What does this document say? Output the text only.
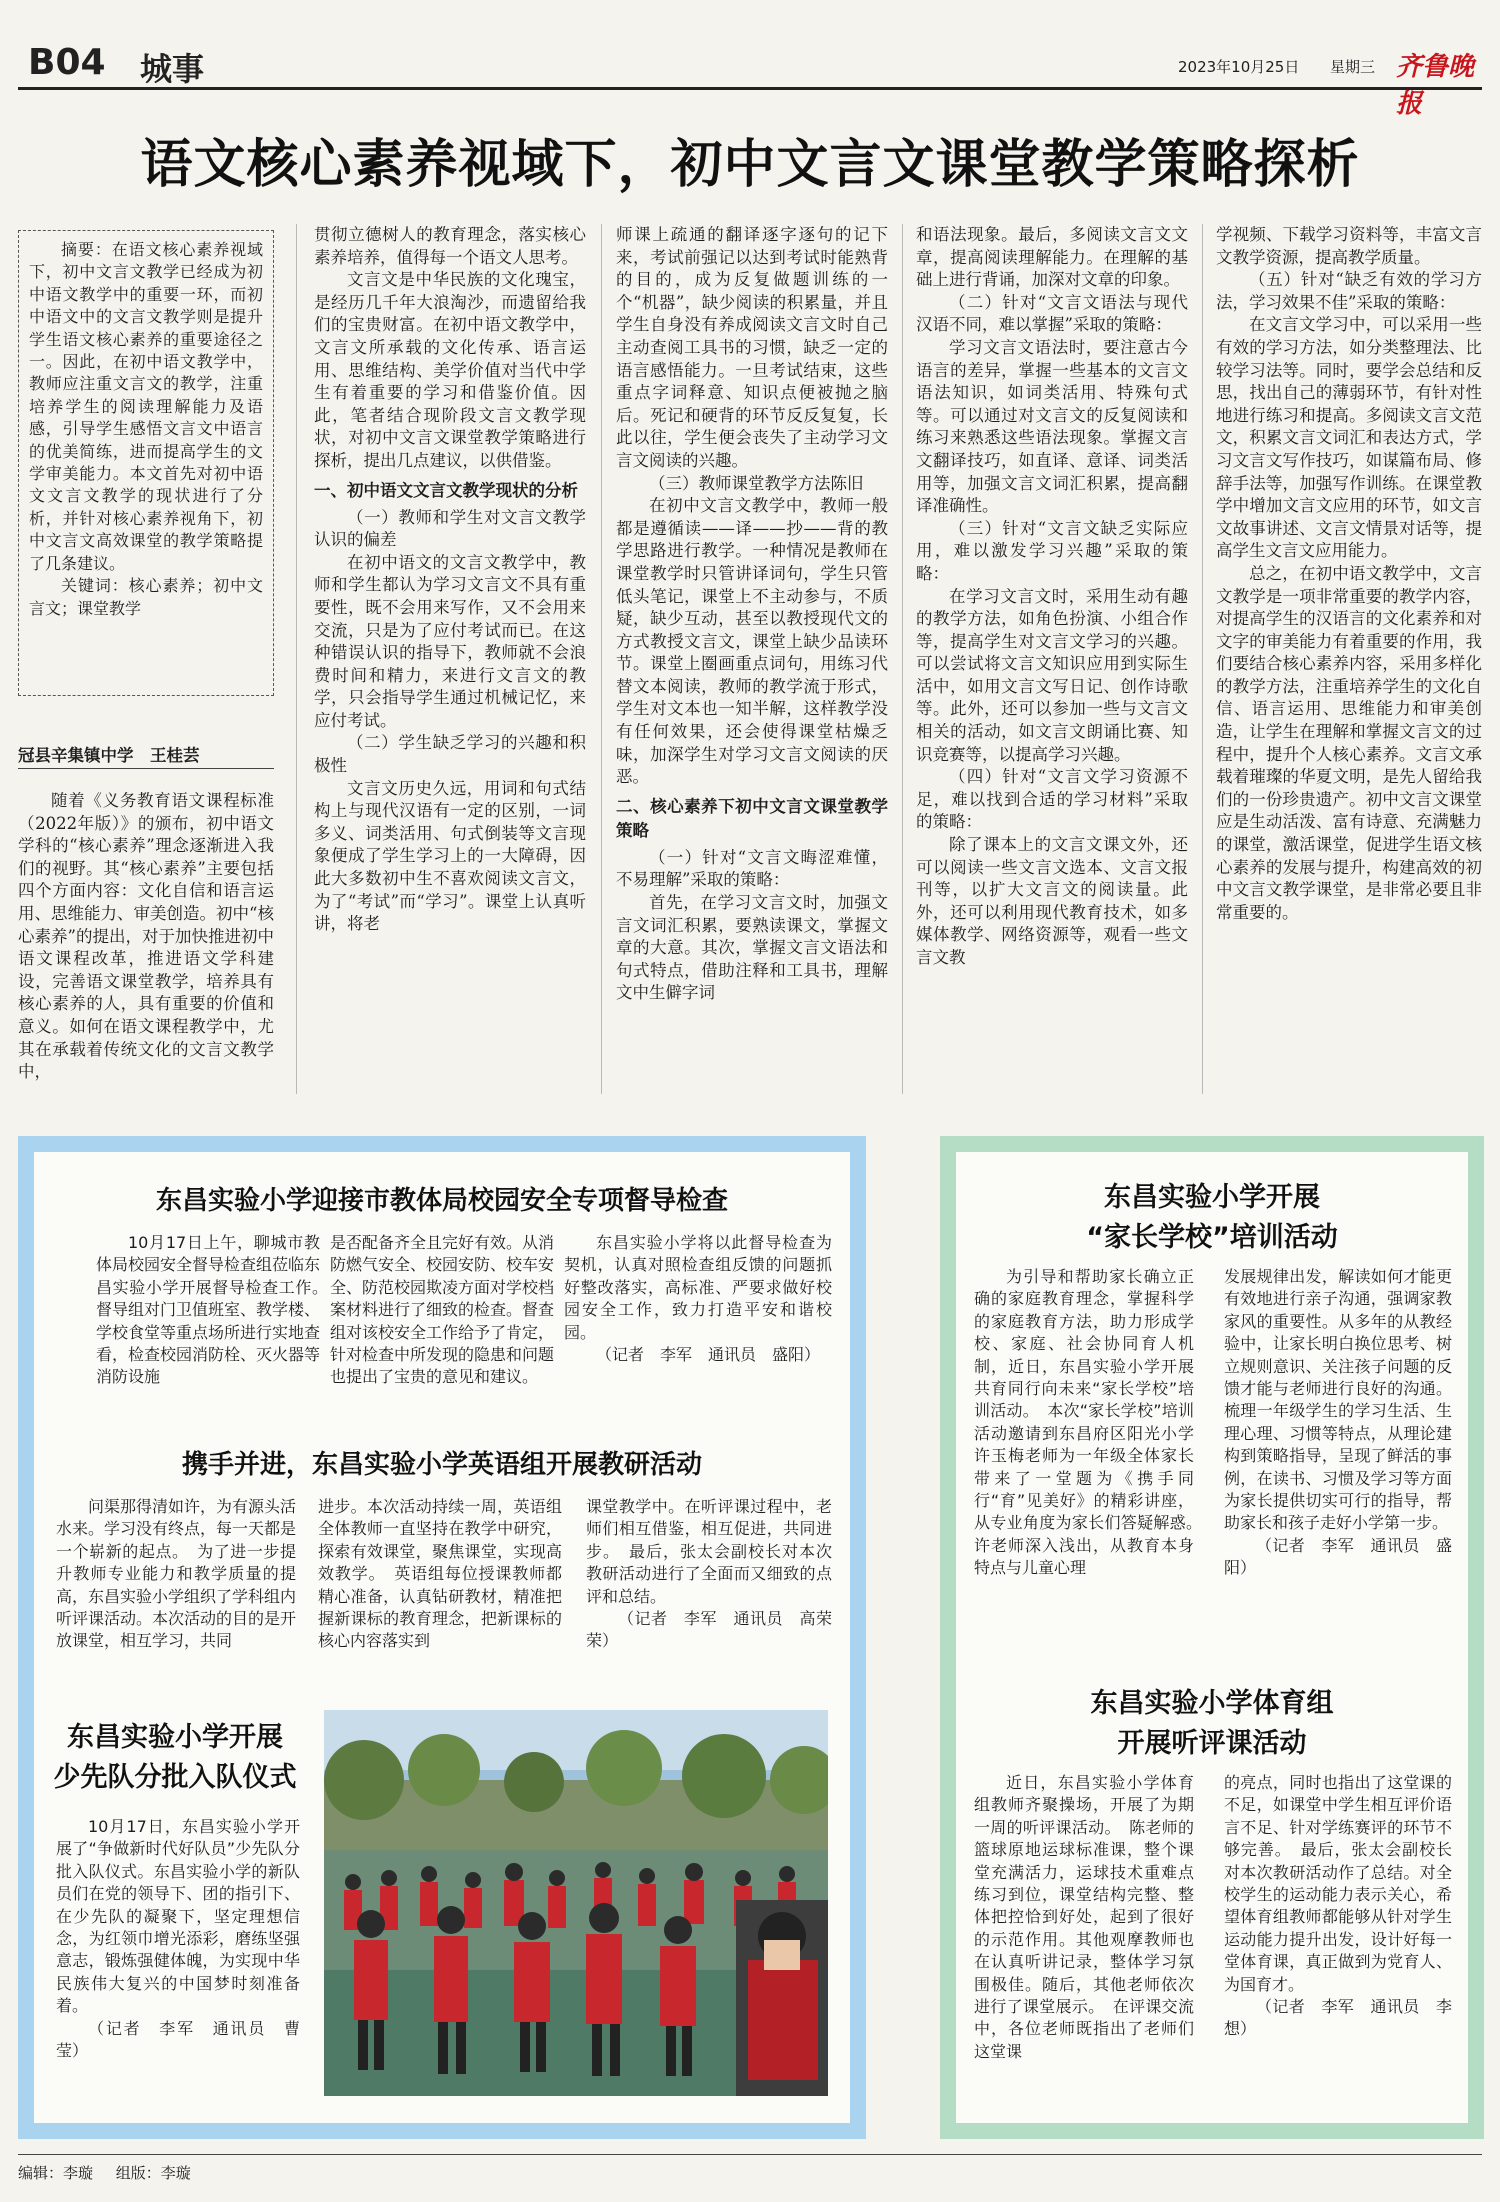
B04 城事	2023年10月25日 星期三 齐鲁晚报
语文核心素养视域下，初中文言文课堂教学策略探析
摘要：在语文核心素养视域下，初中文言文教学已经成为初中语文教学中的重要一环，而初中语文中的文言文教学则是提升学生语文核心素养的重要途径之一。因此，在初中语文教学中，教师应注重文言文的教学，注重培养学生的阅读理解能力及语感，引导学生感悟文言文中语言的优美简练，进而提高学生的文学审美能力。本文首先对初中语文文言文教学的现状进行了分析，并针对核心素养视角下，初中文言文高效课堂的教学策略提了几条建议。
关键词：核心素养；初中文言文；课堂教学
冠县辛集镇中学　王桂芸

随着《义务教育语文课程标准（2022年版）》的颁布，初中语文学科的“核心素养”理念逐渐进入我们的视野。其“核心素养”主要包括四个方面内容：文化自信和语言运用、思维能力、审美创造。初中“核心素养”的提出，对于加快推进初中语文课程改革，推进语文学科建设，完善语文课堂教学，培养具有核心素养的人，具有重要的价值和意义。如何在语文课程教学中，尤其在承载着传统文化的文言文教学中，

贯彻立德树人的教育理念，落实核心素养培养，值得每一个语文人思考。

文言文是中华民族的文化瑰宝，是经历几千年大浪淘沙，而遗留给我们的宝贵财富。在初中语文教学中，文言文所承载的文化传承、语言运用、思维结构、美学价值对当代中学生有着重要的学习和借鉴价值。因此，笔者结合现阶段文言文教学现状，对初中文言文课堂教学策略进行探析，提出几点建议，以供借鉴。

一、初中语文文言文教学现状的分析
（一）教师和学生对文言文教学认识的偏差

在初中语文的文言文教学中，教师和学生都认为学习文言文不具有重要性，既不会用来写作，又不会用来交流，只是为了应付考试而已。在这种错误认识的指导下，教师就不会浪费时间和精力，来进行文言文的教学，只会指导学生通过机械记忆，来应付考试。

（二）学生缺乏学习的兴趣和积极性

文言文历史久远，用词和句式结构上与现代汉语有一定的区别，一词多义、词类活用、句式倒装等文言现象便成了学生学习上的一大障碍，因此大多数初中生不喜欢阅读文言文，为了“考试”而“学习”。课堂上认真听讲，将老

师课上疏通的翻译逐字逐句的记下来，考试前强记以达到考试时能熟背的目的，成为反复做题训练的一个“机器”，缺少阅读的积累量，并且学生自身没有养成阅读文言文时自己主动查阅工具书的习惯，缺乏一定的语言感悟能力。一旦考试结束，这些重点字词释意、知识点便被抛之脑后。死记和硬背的环节反反复复，长此以往，学生便会丧失了主动学习文言文阅读的兴趣。

（三）教师课堂教学方法陈旧

在初中文言文教学中，教师一般都是遵循读——译——抄——背的教学思路进行教学。一种情况是教师在课堂教学时只管讲译词句，学生只管低头笔记，课堂上不主动参与，不质疑，缺少互动，甚至以教授现代文的方式教授文言文，课堂上缺少品读环节。课堂上圈画重点词句，用练习代替文本阅读，教师的教学流于形式，学生对文本也一知半解，这样教学没有任何效果，还会使得课堂枯燥乏味，加深学生对学习文言文阅读的厌恶。

二、核心素养下初中文言文课堂教学策略
（一）针对“文言文晦涩难懂，不易理解”采取的策略：

首先，在学习文言文时，加强文言文词汇积累，要熟读课文，掌握文章的大意。其次，掌握文言文语法和句式特点，借助注释和工具书，理解文中生僻字词

和语法现象。最后，多阅读文言文文章，提高阅读理解能力。在理解的基础上进行背诵，加深对文章的印象。

（二）针对“文言文语法与现代汉语不同，难以掌握”采取的策略：

学习文言文语法时，要注意古今语言的差异，掌握一些基本的文言文语法知识，如词类活用、特殊句式等。可以通过对文言文的反复阅读和练习来熟悉这些语法现象。掌握文言文翻译技巧，如直译、意译、词类活用等，加强文言文词汇积累，提高翻译准确性。

（三）针对“文言文缺乏实际应用，难以激发学习兴趣”采取的策略：

在学习文言文时，采用生动有趣的教学方法，如角色扮演、小组合作等，提高学生对文言文学习的兴趣。可以尝试将文言文知识应用到实际生活中，如用文言文写日记、创作诗歌等。此外，还可以参加一些与文言文相关的活动，如文言文朗诵比赛、知识竞赛等，以提高学习兴趣。

（四）针对“文言文学习资源不足，难以找到合适的学习材料”采取的策略：

除了课本上的文言文课文外，还可以阅读一些文言文选本、文言文报刊等，以扩大文言文的阅读量。此外，还可以利用现代教育技术，如多媒体教学、网络资源等，观看一些文言文教

学视频、下载学习资料等，丰富文言文教学资源，提高教学质量。

（五）针对“缺乏有效的学习方法，学习效果不佳”采取的策略：

在文言文学习中，可以采用一些有效的学习方法，如分类整理法、比较学习法等。同时，要学会总结和反思，找出自己的薄弱环节，有针对性地进行练习和提高。多阅读文言文范文，积累文言文词汇和表达方式，学习文言文写作技巧，如谋篇布局、修辞手法等，加强写作训练。在课堂教学中增加文言文应用的环节，如文言文故事讲述、文言文情景对话等，提高学生文言文应用能力。

总之，在初中语文教学中，文言文教学是一项非常重要的教学内容，对提高学生的汉语言的文化素养和对文字的审美能力有着重要的作用，我们要结合核心素养内容，采用多样化的教学方法，注重培养学生的文化自信、语言运用、思维能力和审美创造，让学生在理解和掌握文言文的过程中，提升个人核心素养。文言文承载着璀璨的华夏文明，是先人留给我们的一份珍贵遗产。初中文言文课堂应是生动活泼、富有诗意、充满魅力的课堂，激活课堂，促进学生语文核心素养的发展与提升，构建高效的初中文言文教学课堂，是非常必要且非常重要的。

东昌实验小学迎接市教体局校园安全专项督导检查

10月17日上午，聊城市教体局校园安全督导检查组莅临东昌实验小学开展督导检查工作。　督导组对门卫值班室、教学楼、学校食堂等重点场所进行实地查看，检查校园消防栓、灭火器等消防设施

是否配备齐全且完好有效。从消防燃气安全、校园安防、校车安全、防范校园欺凌方面对学校档案材料进行了细致的检查。督查组对该校安全工作给予了肯定，针对检查中所发现的隐患和问题也提出了宝贵的意见和建议。

东昌实验小学将以此督导检查为契机，认真对照检查组反馈的问题抓好整改落实，高标准、严要求做好校园安全工作，致力打造平安和谐校园。

（记者　李军　通讯员　盛阳）

携手并进，东昌实验小学英语组开展教研活动

问渠那得清如许，为有源头活水来。学习没有终点，每一天都是一个崭新的起点。　为了进一步提升教师专业能力和教学质量的提高，东昌实验小学组织了学科组内听评课活动。本次活动的目的是开放课堂，相互学习，共同

进步。本次活动持续一周，英语组全体教师一直坚持在教学中研究，探索有效课堂，聚焦课堂，实现高效教学。　英语组每位授课教师都精心准备，认真钻研教材，精准把握新课标的教育理念，把新课标的核心内容落实到

课堂教学中。在听评课过程中，老师们相互借鉴，相互促进，共同进步。　最后，张太会副校长对本次教研活动进行了全面而又细致的点评和总结。

（记者　李军　通讯员　高荣荣）

东昌实验小学开展
少先队分批入队仪式

10月17日，东昌实验小学开展了“争做新时代好队员”少先队分批入队仪式。东昌实验小学的新队员们在党的领导下、团的指引下、在少先队的凝聚下，坚定理想信念，为红领巾增光添彩，磨练坚强意志，锻炼强健体魄，为实现中华民族伟大复兴的中国梦时刻准备着。

（记者　李军　通讯员　曹莹）

东昌实验小学开展
“家长学校”培训活动

为引导和帮助家长确立正确的家庭教育理念，掌握科学的家庭教育方法，助力形成学校、家庭、社会协同育人机制，近日，东昌实验小学开展共育同行向未来“家长学校”培训活动。　本次“家长学校”培训活动邀请到东昌府区阳光小学许玉梅老师为一年级全体家长带来了一堂题为《携手同行“育”见美好》的精彩讲座，从专业角度为家长们答疑解惑。　许老师深入浅出，从教育本身特点与儿童心理

发展规律出发，解读如何才能更有效地进行亲子沟通，强调家教家风的重要性。从多年的从教经验中，让家长明白换位思考、树立规则意识、关注孩子问题的反馈才能与老师进行良好的沟通。梳理一年级学生的学习生活、生理心理、习惯等特点，从理论建构到策略指导，呈现了鲜活的事例，在读书、习惯及学习等方面为家长提供切实可行的指导，帮助家长和孩子走好小学第一步。

（记者　李军　通讯员　盛阳）

东昌实验小学体育组
开展听评课活动

近日，东昌实验小学体育组教师齐聚操场，开展了为期一周的听评课活动。　陈老师的篮球原地运球标准课，整个课堂充满活力，运球技术重难点练习到位，课堂结构完整、整体把控恰到好处，起到了很好的示范作用。其他观摩教师也在认真听讲记录，整体学习氛围极佳。随后，其他老师依次进行了课堂展示。　在评课交流中，各位老师既指出了老师们这堂课

的亮点，同时也指出了这堂课的不足，如课堂中学生相互评价语言不足、针对学练赛评的环节不够完善。　最后，张太会副校长对本次教研活动作了总结。对全校学生的运动能力表示关心，希望体育组教师都能够从针对学生运动能力提升出发，设计好每一堂体育课，真正做到为党育人、为国育才。

（记者　李军　通讯员　李想）

编辑：李璇 组版：李璇
